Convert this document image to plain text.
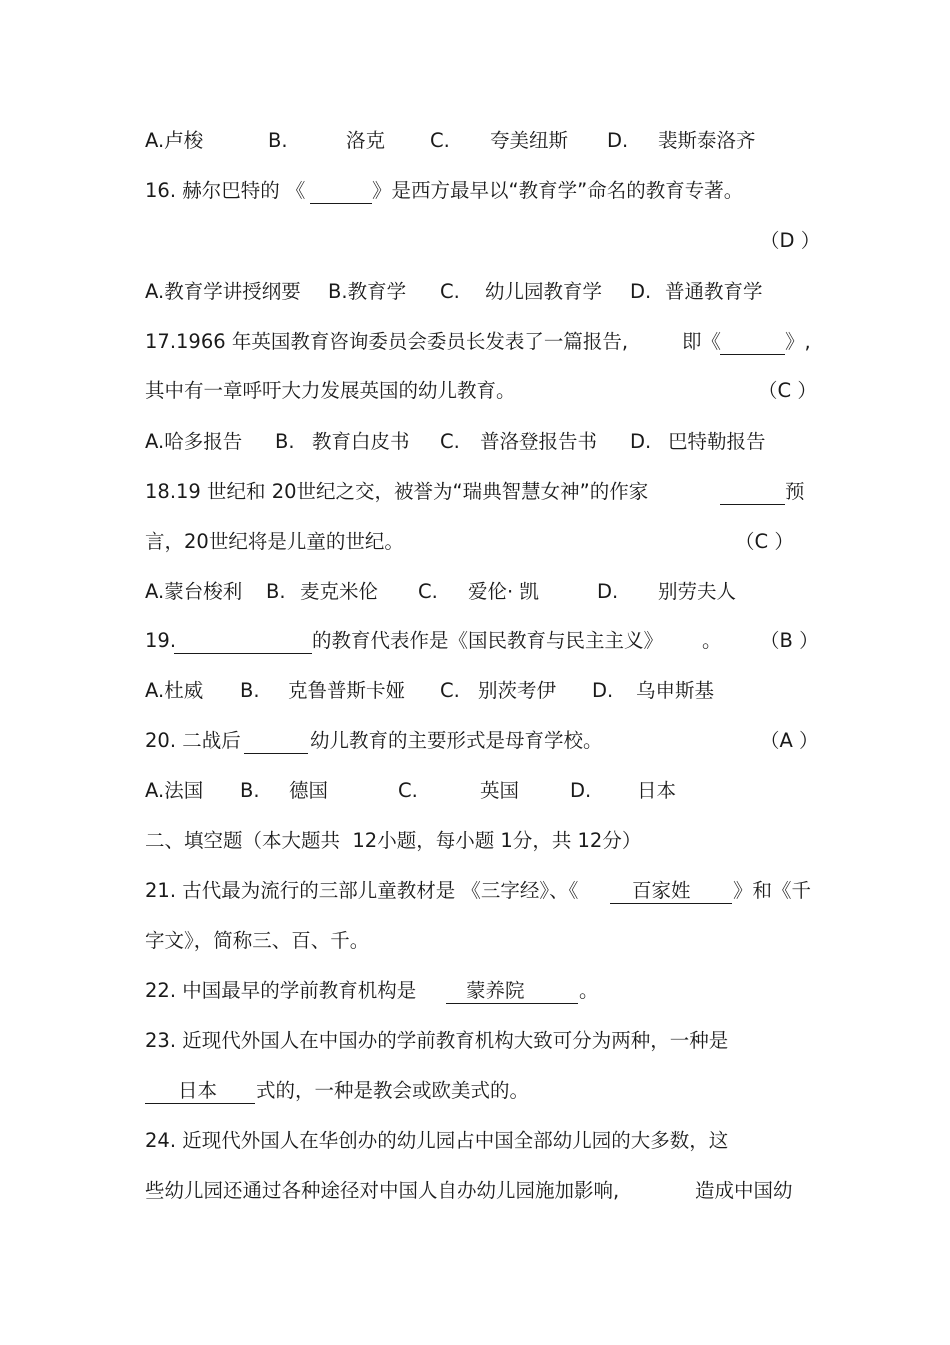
A.卢梭	B.	洛克 C. 夸美纽斯 D. 裴斯泰洛齐
16. 赫尔巴特的 《	》是西方最早以“教育学”命名的教育专著。
（D ）
A.教育学讲授纲要 B.教育学 C. 幼儿园教育学 D. 普通教育学
17.1966 年英国教育咨询委员会委员长发表了一篇报告,	即《	》,
其中有一章呼吁大力发展英国的幼儿教育。	（C ）
A.哈多报告 B. 教育白皮书 C. 普洛登报告书 D. 巴特勒报告
18.19 世纪和 20世纪之交，被誉为“瑞典智慧女神”的作家	预
言，20世纪将是儿童的世纪。	（C ）
A.蒙台梭利 B. 麦克米伦 C. 爱伦· 凯	D. 别劳夫人
19.	的教育代表作是《国民教育与民主主义》 。 （B ）
A.杜威 B. 克鲁普斯卡娅 C. 别茨考伊 D. 乌申斯基
20. 二战后	幼儿教育的主要形式是母育学校。	（A ）
A.法国 B. 德国	C.	英国	D. 日本
二、填空题（本大题共  12小题，每小题 1分，共 12分）
21. 古代最为流行的三部儿童教材是 《三字经》、《	百家姓 》和《千
字文》，简称三、百、千。
22. 中国最早的学前教育机构是	蒙养院	。
23. 近现代外国人在中国办的学前教育机构大致可分为两种，一种是
日本 式的，一种是教会或欧美式的。
24. 近现代外国人在华创办的幼儿园占中国全部幼儿园的大多数，这
些幼儿园还通过各种途径对中国人自办幼儿园施加影响,	造成中国幼
